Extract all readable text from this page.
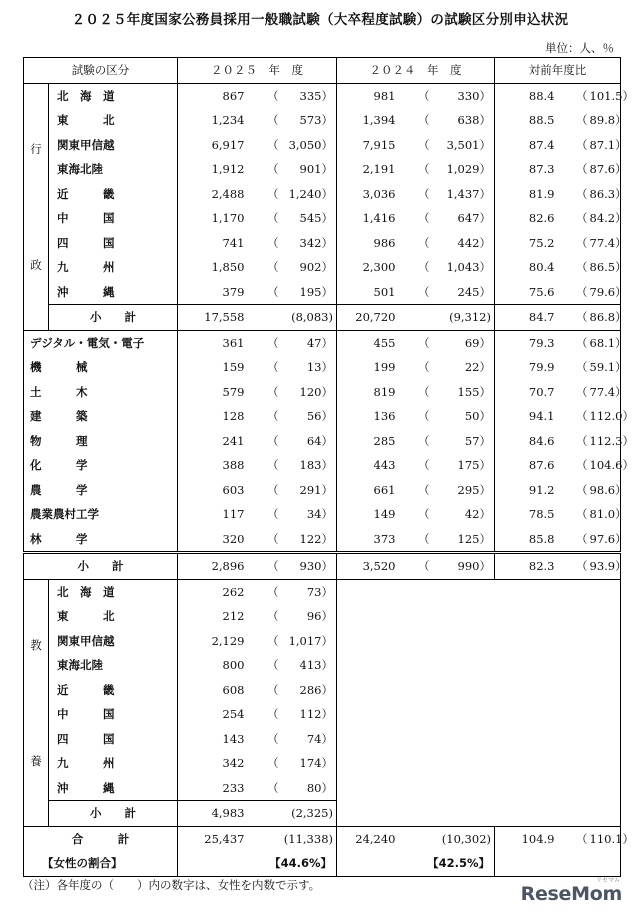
２０２５年度国家公務員採用一般職試験（大卒程度試験）の試験区分別申込状況
単位：人、％
試験の区分		２０２５　年　度			２０２４　年　度			対前年度比		

行
政	北　海　道	867	（	335）	981	（	330）	88.4	（	101.5）
	東　　　北	1,234	（	573）	1,394	（	638）	88.5	（	89.8）
	関東甲信越	6,917	（	3,050）	7,915	（	3,501）	87.4	（	87.1）
	東海北陸	1,912	（	901）	2,191	（	1,029）	87.3	（	87.6）
	近　　　畿	2,488	（	1,240）	3,036	（	1,437）	81.9	（	86.3）
	中　　　国	1,170	（	545）	1,416	（	647）	82.6	（	84.2）
	四　　　国	741	（	342）	986	（	442）	75.2	（	77.4）
	九　　　州	1,850	（	902）	2,300	（	1,043）	80.4	（	86.5）
	沖　　　縄	379	（	195）	501	（	245）	75.6	（	79.6）
	小　　計	17,558	(8,083)		20,720	(9,312)		84.7	（	86.8）
デジタル・電気・電子		361	（	47）	455	（	69）	79.3	（	68.1）
機　　　械		159	（	13）	199	（	22）	79.9	（	59.1）
土　　　木		579	（	120）	819	（	155）	70.7	（	77.4）
建　　　築		128	（	56）	136	（	50）	94.1	（	112.0）
物　　　理		241	（	64）	285	（	57）	84.6	（	112.3）
化　　　学		388	（	183）	443	（	175）	87.6	（	104.6）
農　　　学		603	（	291）	661	（	295）	91.2	（	98.6）
農業農村工学		117	（	34）	149	（	42）	78.5	（	81.0）
林　　　学		320	（	122）	373	（	125）	85.8	（	97.6）
小　　計		2,896	（	930）	3,520	（	990）	82.3	（	93.9）

教
養	北　海　道	262	（	73）						
	東　　　北	212	（	96）						
	関東甲信越	2,129	（	1,017）						
	東海北陸	800	（	413）						
	近　　　畿	608	（	286）						
	中　　　国	254	（	112）						
	四　　　国	143	（	74）						
	九　　　州	342	（	174）						
	沖　　　縄	233	（	80）						
	小　　計	4,983	(2,325)							
合　　　計		25,437	(11,338)		24,240	(10,302)		104.9	（	110.1）
【女性の割合】		【44.6%】			【42.5%】					
（注）各年度の（　　）内の数字は、女性を内数で示す。	ReseMom
リセマム
